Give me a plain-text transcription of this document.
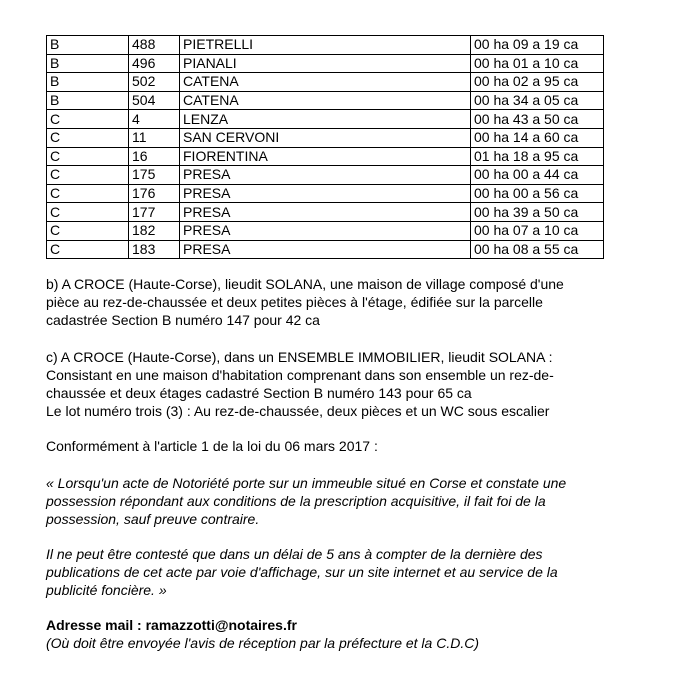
B	488	PIETRELLI	00 ha 09 a 19 ca
B	496	PIANALI	00 ha 01 a 10 ca
B	502	CATENA	00 ha 02 a 95 ca
B	504	CATENA	00 ha 34 a 05 ca
C	4	LENZA	00 ha 43 a 50 ca
C	11	SAN CERVONI	00 ha 14 a 60 ca
C	16	FIORENTINA	01 ha 18 a 95 ca
C	175	PRESA	00 ha 00 a 44 ca
C	176	PRESA	00 ha 00 a 56 ca
C	177	PRESA	00 ha 39 a 50 ca
C	182	PRESA	00 ha 07 a 10 ca
C	183	PRESA	00 ha 08 a 55 ca

b) A CROCE (Haute-Corse), lieudit SOLANA, une maison de village composé d'une
pièce au rez-de-chaussée et deux petites pièces à l'étage, édifiée sur la parcelle
cadastrée Section B numéro 147 pour 42 ca

c) A CROCE (Haute-Corse), dans un ENSEMBLE IMMOBILIER, lieudit SOLANA :
Consistant en une maison d'habitation comprenant dans son ensemble un rez-de-
chaussée et deux étages cadastré Section B numéro 143 pour 65 ca
Le lot numéro trois (3) : Au rez-de-chaussée, deux pièces et un WC sous escalier

Conformément à l'article 1 de la loi du 06 mars 2017 :

« Lorsqu'un acte de Notoriété porte sur un immeuble situé en Corse et constate une
possession répondant aux conditions de la prescription acquisitive, il fait foi de la
possession, sauf preuve contraire.

Il ne peut être contesté que dans un délai de 5 ans à compter de la dernière des
publications de cet acte par voie d'affichage, sur un site internet et au service de la
publicité foncière. »

Adresse mail : ramazzotti@notaires.fr
(Où doit être envoyée l'avis de réception par la préfecture et la C.D.C)
